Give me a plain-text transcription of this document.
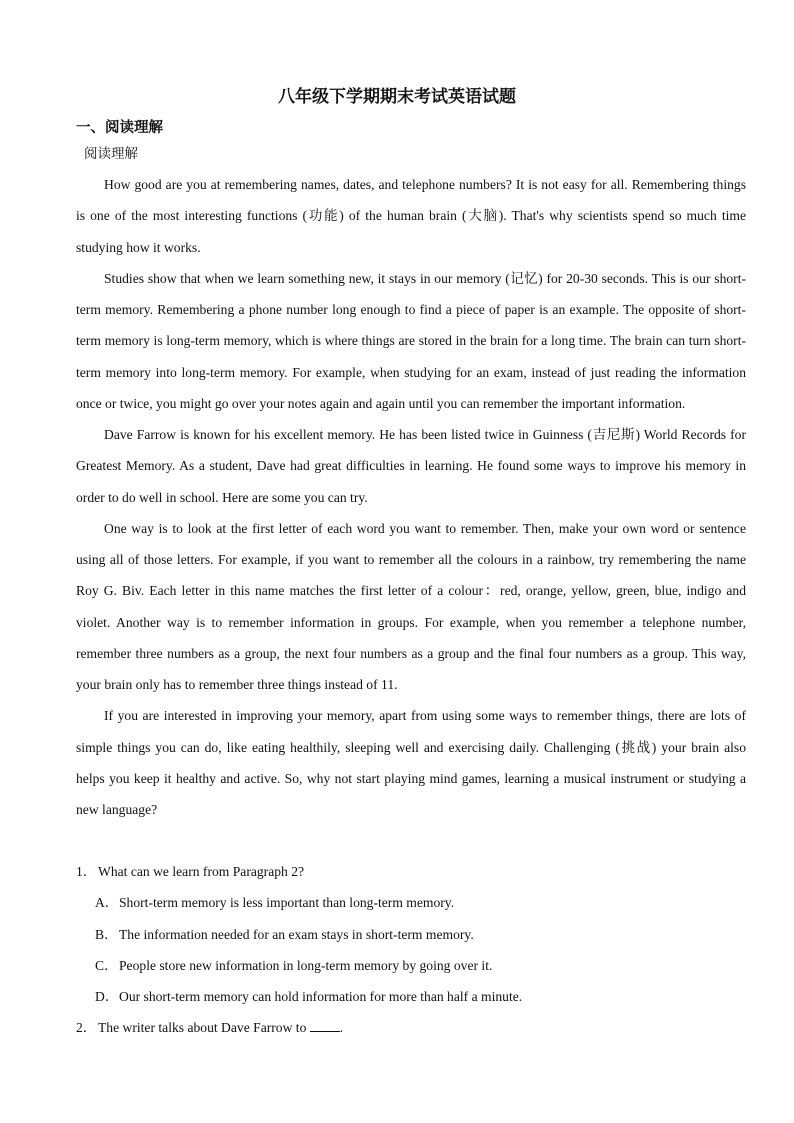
八年级下学期期末考试英语试题
一、阅读理解
阅读理解

How good are you at remembering names, dates, and telephone numbers? It is not easy for all. Remembering things is one of the most interesting functions (功能) of the human brain (大脑). That's why scientists spend so much time studying how it works.

Studies show that when we learn something new, it stays in our memory (记忆) for 20-30 seconds. This is our short-term memory. Remembering a phone number long enough to find a piece of paper is an example. The opposite of short-term memory is long-term memory, which is where things are stored in the brain for a long time. The brain can turn short-term memory into long-term memory. For example, when studying for an exam, instead of just reading the information once or twice, you might go over your notes again and again until you can remember the important information.

Dave Farrow is known for his excellent memory. He has been listed twice in Guinness (吉尼斯) World Records for Greatest Memory. As a student, Dave had great difficulties in learning. He found some ways to improve his memory in order to do well in school. Here are some you can try.

One way is to look at the first letter of each word you want to remember. Then, make your own word or sentence using all of those letters. For example, if you want to remember all the colours in a rainbow, try remembering the name Roy G. Biv. Each letter in this name matches the first letter of a colour：red, orange, yellow, green, blue, indigo and violet. Another way is to remember information in groups. For example, when you remember a telephone number, remember three numbers as a group, the next four numbers as a group and the final four numbers as a group. This way, your brain only has to remember three things instead of 11.

If you are interested in improving your memory, apart from using some ways to remember things, there are lots of simple things you can do, like eating healthily, sleeping well and exercising daily. Challenging (挑战) your brain also helps you keep it healthy and active. So, why not start playing mind games, learning a musical instrument or studying a new language?

1． What can we learn from Paragraph 2?
A．Short-term memory is less important than long-term memory.
B．The information needed for an exam stays in short-term memory.
C．People store new information in long-term memory by going over it.
D．Our short-term memory can hold information for more than half a minute.
2． The writer talks about Dave Farrow to .
